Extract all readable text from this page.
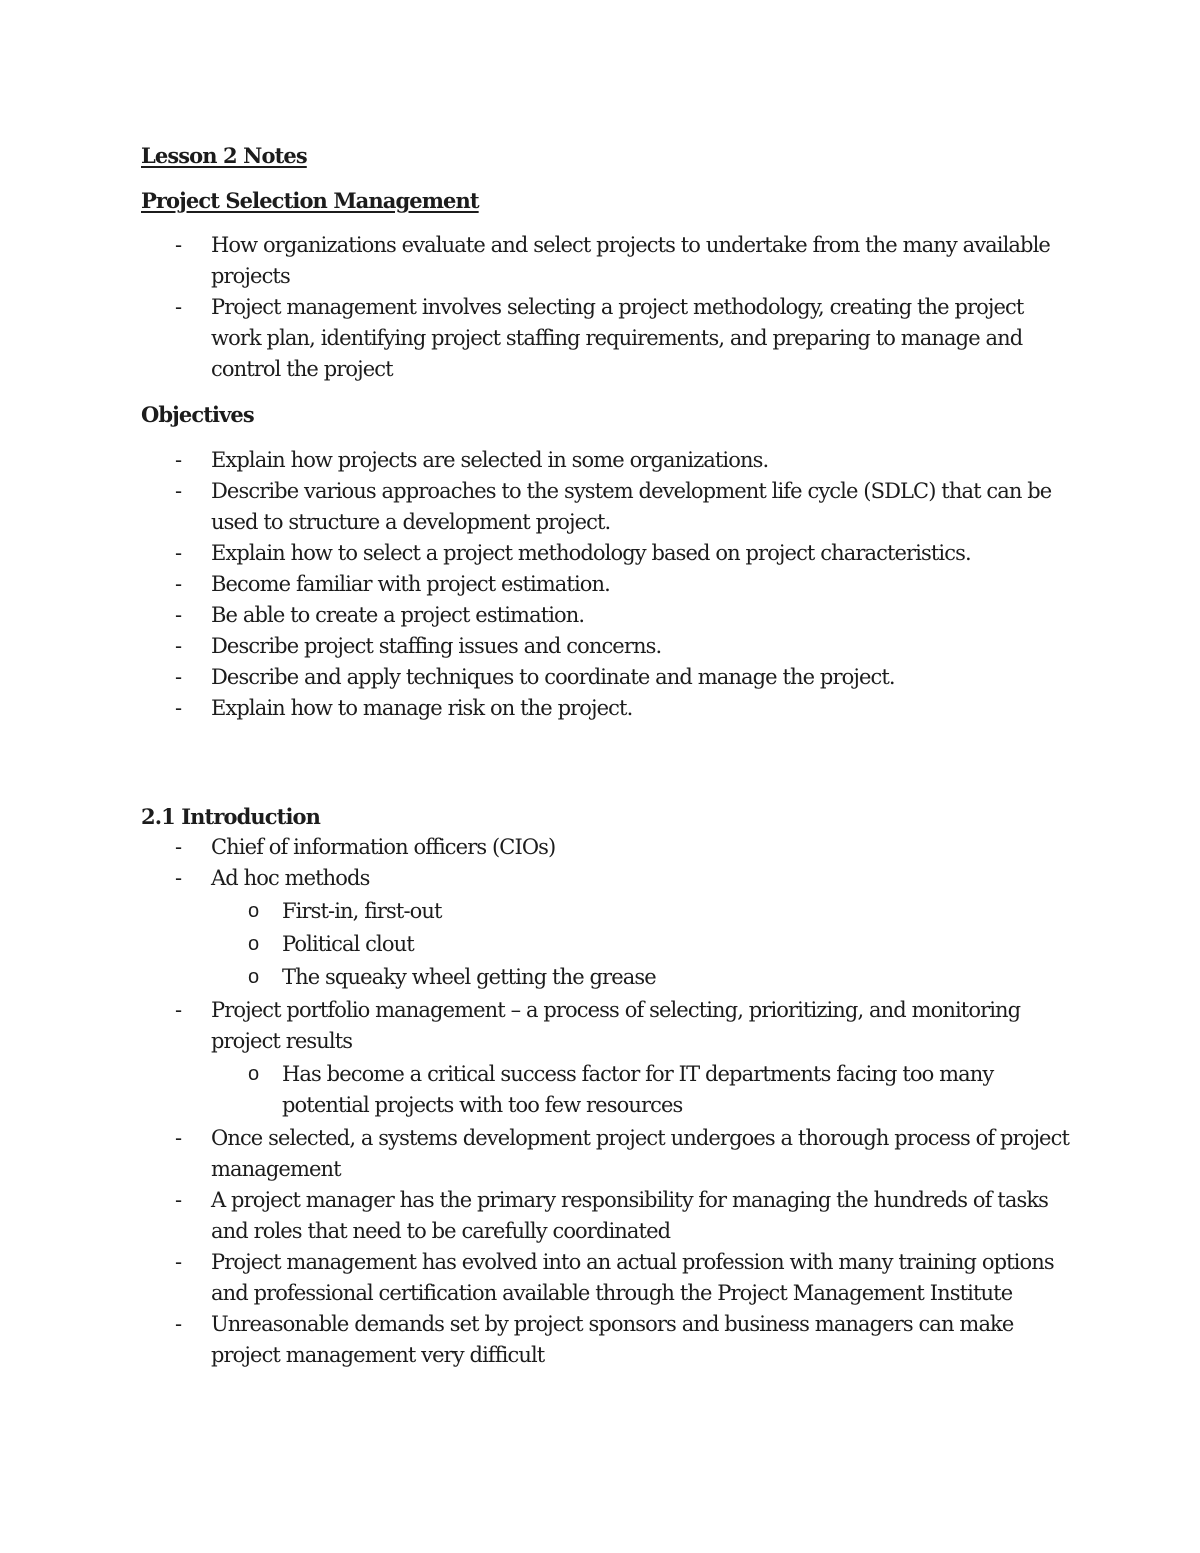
Lesson 2 Notes

Project Selection Management

- How organizations evaluate and select projects to undertake from the many available projects
- Project management involves selecting a project methodology, creating the project work plan, identifying project staffing requirements, and preparing to manage and control the project

Objectives

- Explain how projects are selected in some organizations.
- Describe various approaches to the system development life cycle (SDLC) that can be used to structure a development project.
- Explain how to select a project methodology based on project characteristics.
- Become familiar with project estimation.
- Be able to create a project estimation.
- Describe project staffing issues and concerns.
- Describe and apply techniques to coordinate and manage the project.
- Explain how to manage risk on the project.

2.1 Introduction

- Chief of information officers (CIOs)
- Ad hoc methods
o First-in, first-out
o Political clout
o The squeaky wheel getting the grease
- Project portfolio management – a process of selecting, prioritizing, and monitoring project results
o Has become a critical success factor for IT departments facing too many potential projects with too few resources
- Once selected, a systems development project undergoes a thorough process of project management
- A project manager has the primary responsibility for managing the hundreds of tasks and roles that need to be carefully coordinated
- Project management has evolved into an actual profession with many training options and professional certification available through the Project Management Institute
- Unreasonable demands set by project sponsors and business managers can make project management very difficult
